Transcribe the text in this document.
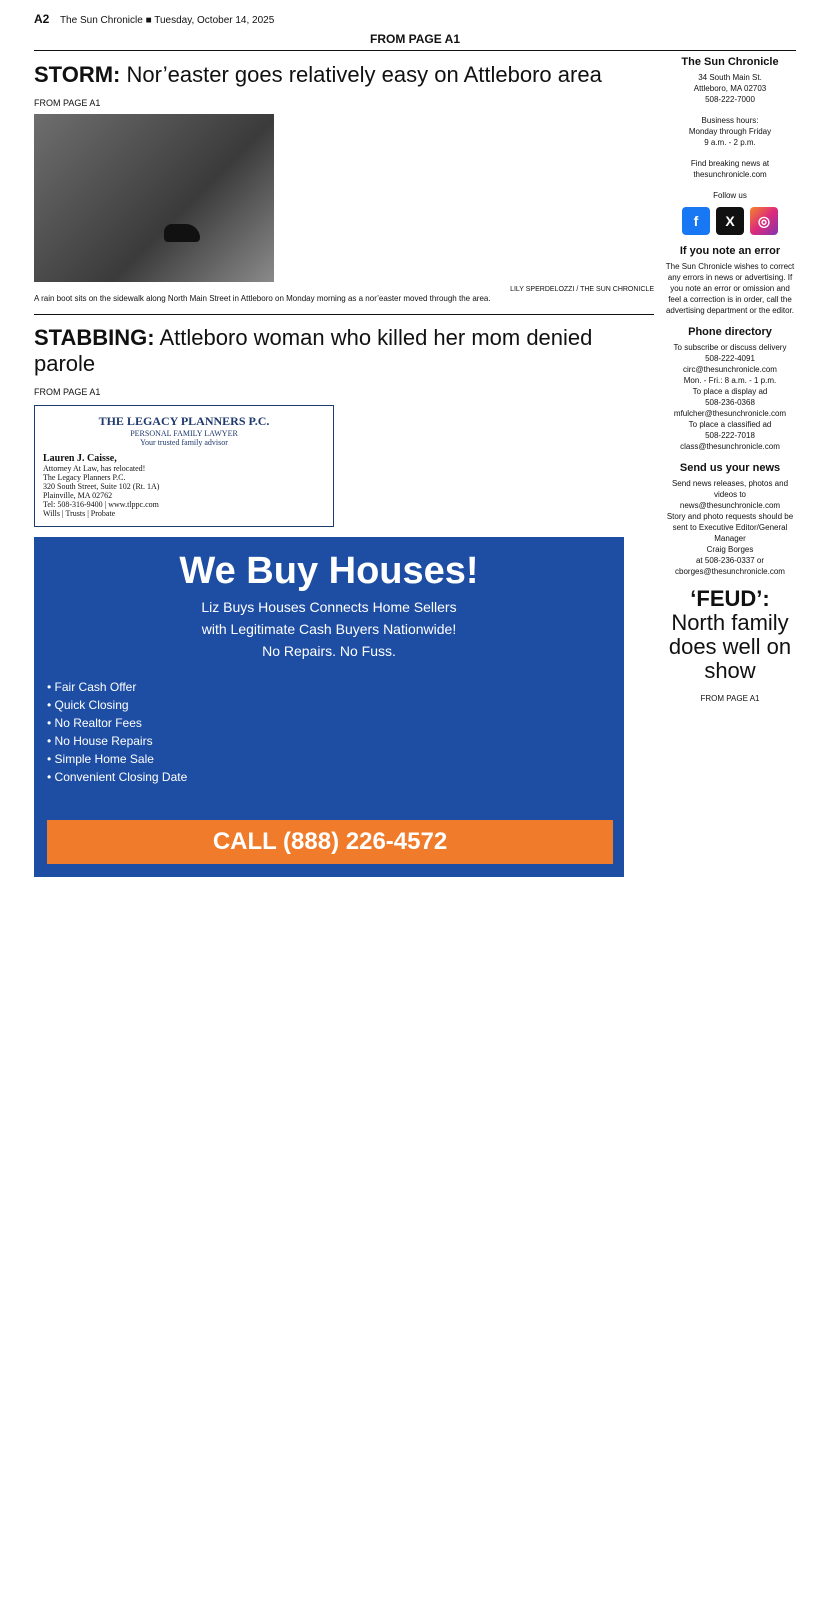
A2 The Sun Chronicle ■ Tuesday, October 14, 2025
FROM PAGE A1
STORM: Nor’easter goes relatively easy on Attleboro area
FROM PAGE A1
LILY SPERDELOZZI / THE SUN CHRONICLE
A rain boot sits on the sidewalk along North Main Street in Attleboro on Monday morning as a nor’easter moved through the area.
STABBING: Attleboro woman who killed her mom denied parole
FROM PAGE A1
THE LEGACY PLANNERS P.C.
PERSONAL FAMILY LAWYER
Your trusted family advisor
Lauren J. Caisse,
Attorney At Law, has relocated!
The Legacy Planners P.C.
320 South Street, Suite 102 (Rt. 1A)
Plainville, MA 02762
Tel: 508-316-9400 | www.tlppc.com
Wills | Trusts | Probate
We Buy Houses!
Liz Buys Houses Connects Home Sellers
with Legitimate Cash Buyers Nationwide!
No Repairs. No Fuss.
• Fair Cash Offer
• Quick Closing
• No Realtor Fees
• No House Repairs
• Simple Home Sale
• Convenient Closing Date
CALL (888) 226-4572
The Sun Chronicle
34 South Main St.
Attleboro, MA 02703
508-222-7000
Business hours:
Monday through Friday
9 a.m. - 2 p.m.
Find breaking news at
thesunchronicle.com
Follow us
f	X	◎
If you note an error
The Sun Chronicle wishes to correct any errors in news or advertising. If you note an error or omission and feel a correction is in order, call the advertising department or the editor.
Phone directory
To subscribe or discuss delivery
508-222-4091
circ@thesunchronicle.com
Mon. - Fri.: 8 a.m. - 1 p.m.
To place a display ad
508-236-0368
mfulcher@thesunchronicle.com
To place a classified ad
508-222-7018
class@thesunchronicle.com
Send us your news
Send news releases, photos and videos to
news@thesunchronicle.com
Story and photo requests should be sent to Executive Editor/General Manager
Craig Borges
at 508-236-0337 or cborges@thesunchronicle.com
‘FEUD’:
North family does well on show
FROM PAGE A1
